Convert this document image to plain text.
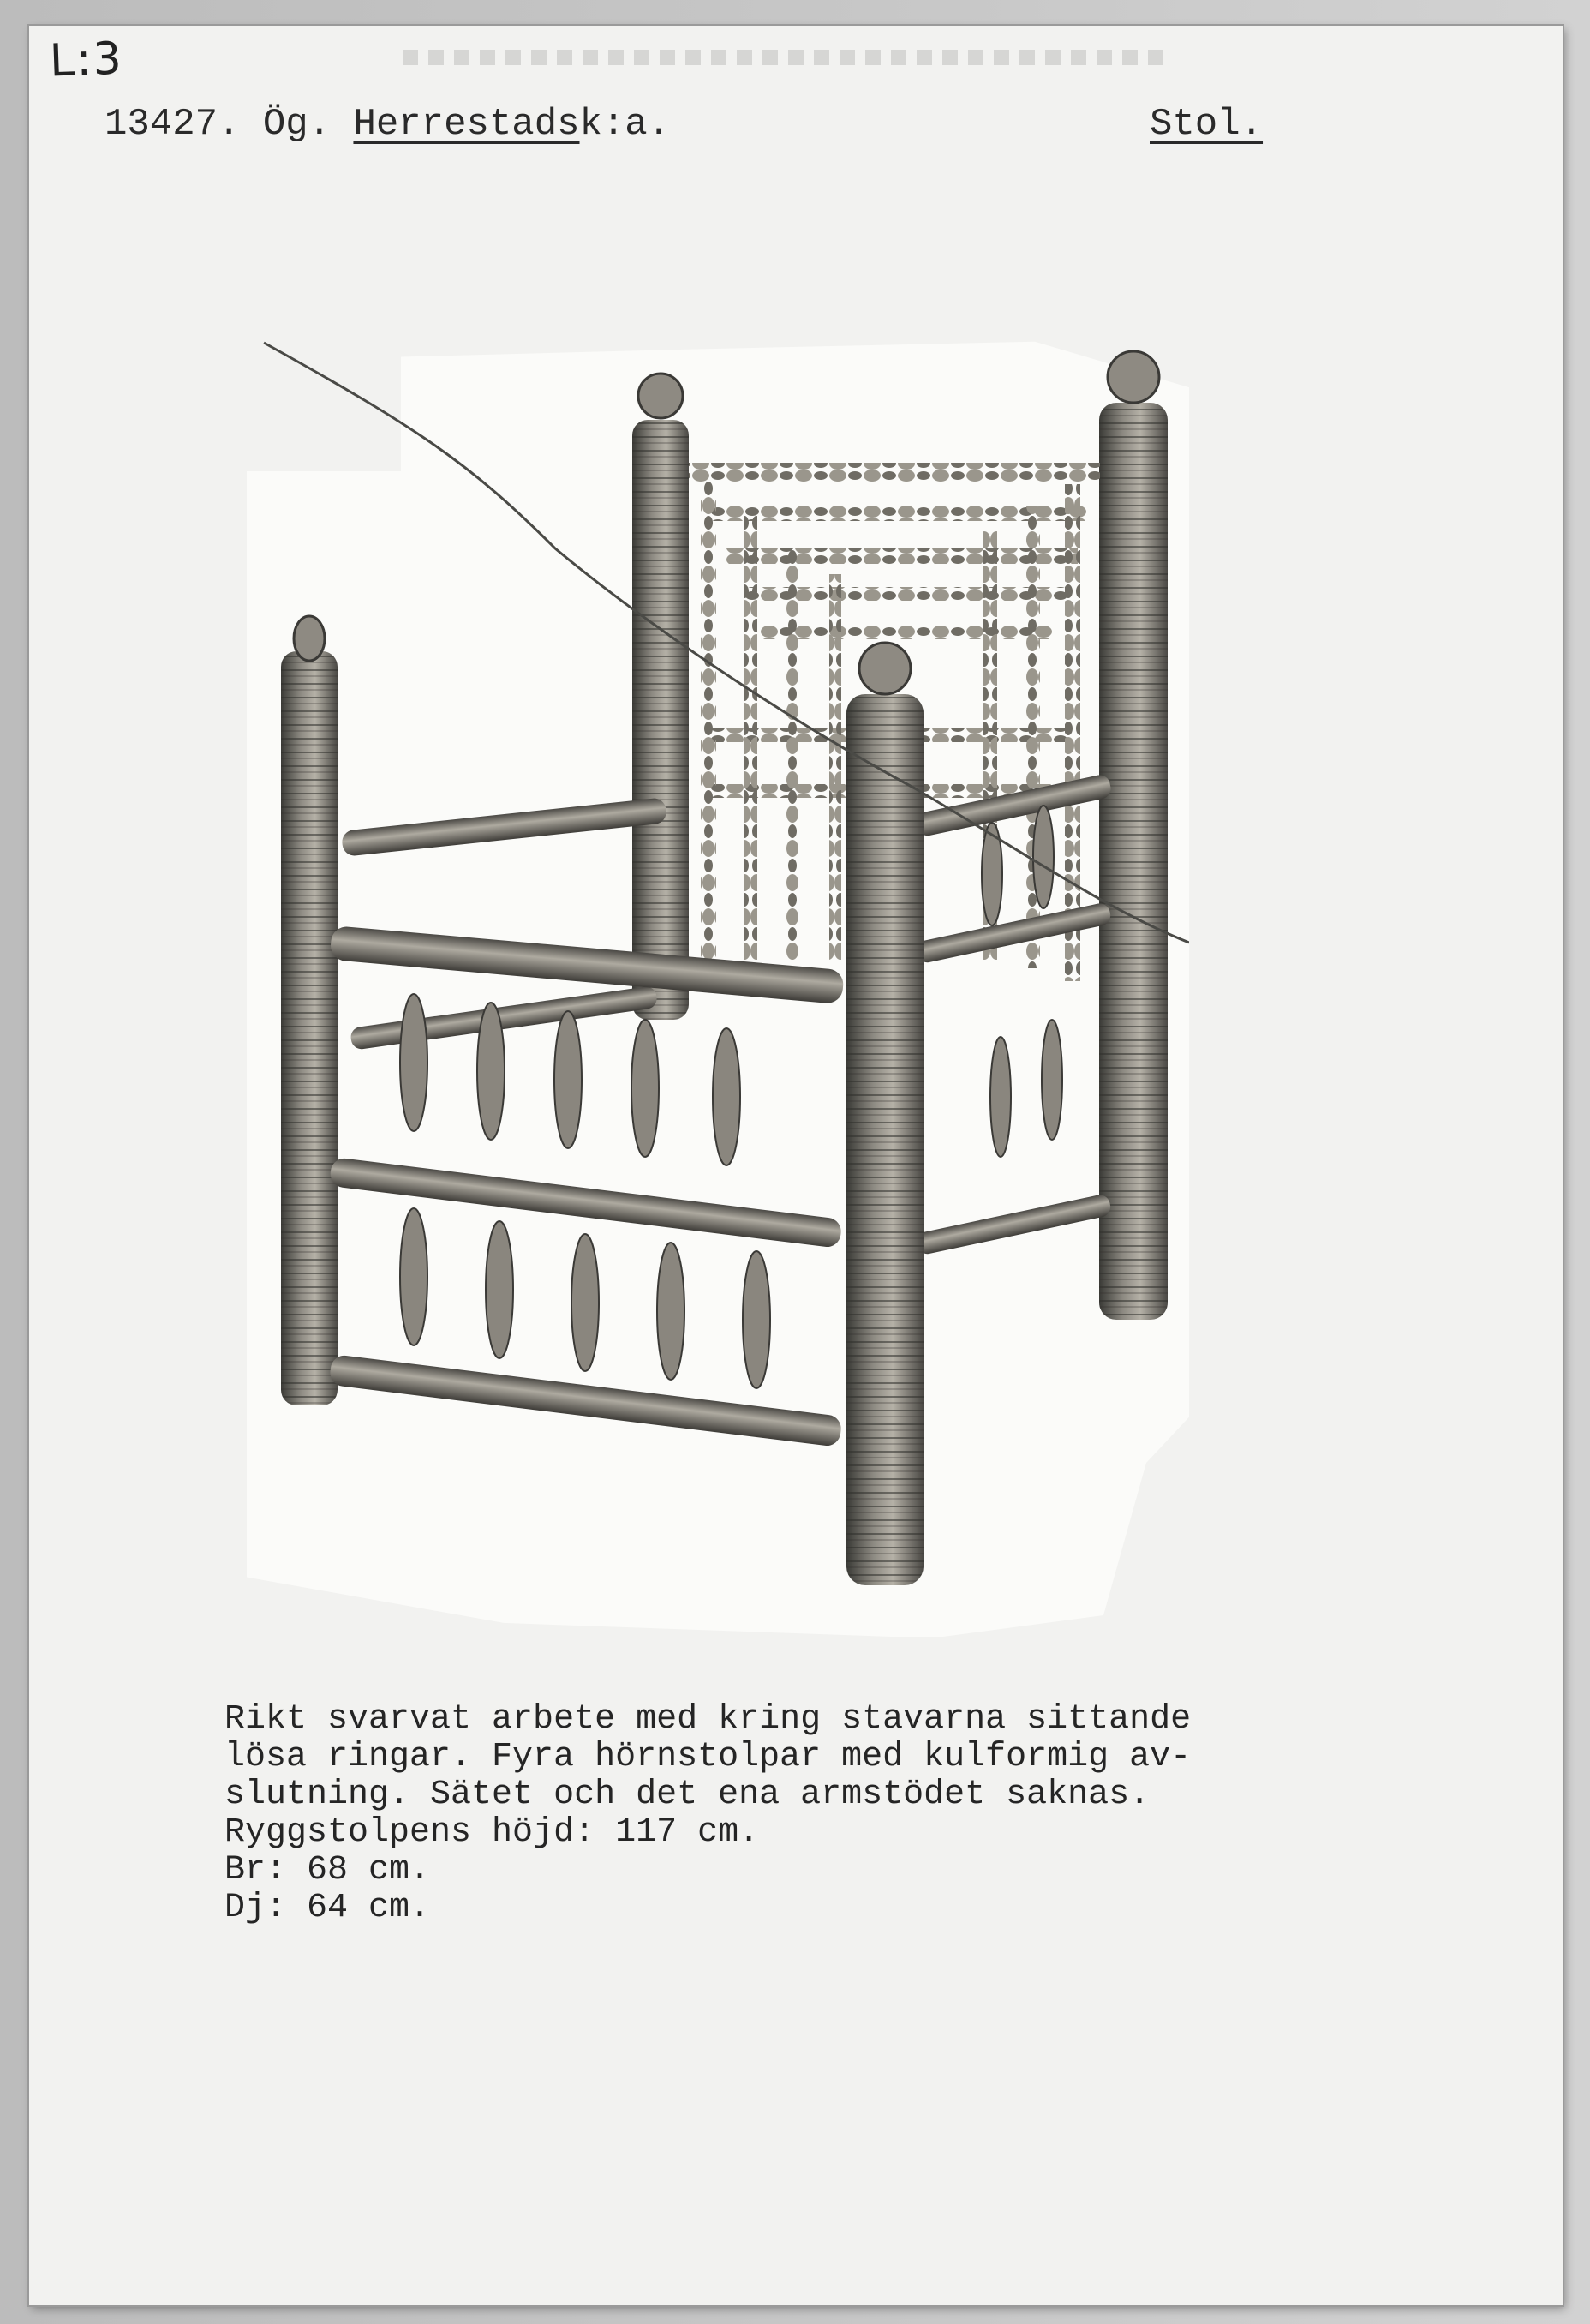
L:3
13427. Ög. Herrestadsk:a.	Stol.
Rikt svarvat arbete med kring stavarna sittande
lösa ringar. Fyra hörnstolpar med kulformig av-
slutning. Sätet och det ena armstödet saknas.
Ryggstolpens höjd: 117 cm.
Br: 68 cm.
Dj: 64 cm.
